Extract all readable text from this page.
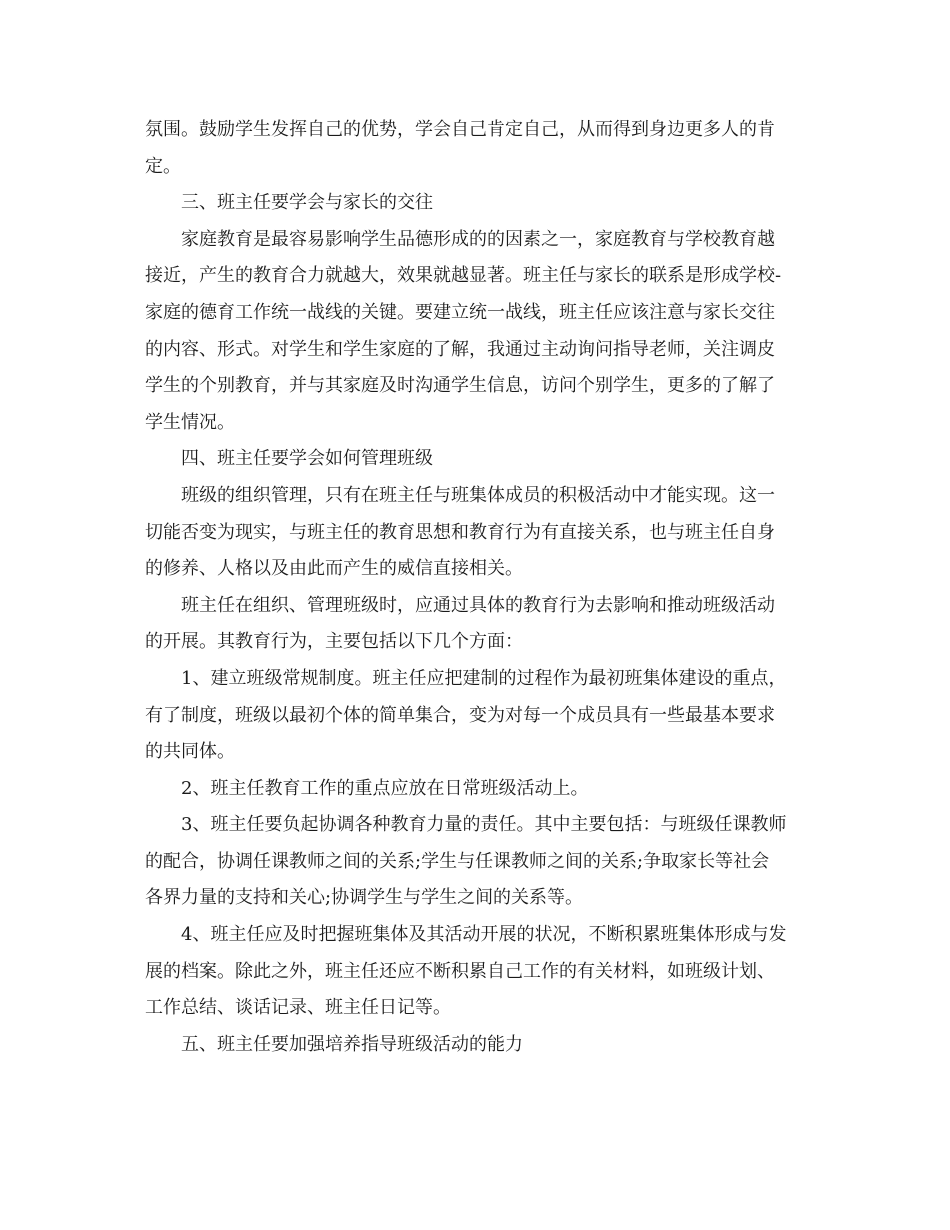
氛围。鼓励学生发挥自己的优势，学会自己肯定自己，从而得到身边更多人的肯
定。
三、班主任要学会与家长的交往
家庭教育是最容易影响学生品德形成的的因素之一，家庭教育与学校教育越
接近，产生的教育合力就越大，效果就越显著。班主任与家长的联系是形成学校-
家庭的德育工作统一战线的关键。要建立统一战线，班主任应该注意与家长交往
的内容、形式。对学生和学生家庭的了解，我通过主动询问指导老师，关注调皮
学生的个别教育，并与其家庭及时沟通学生信息，访问个别学生，更多的了解了
学生情况。
四、班主任要学会如何管理班级
班级的组织管理，只有在班主任与班集体成员的积极活动中才能实现。这一
切能否变为现实，与班主任的教育思想和教育行为有直接关系，也与班主任自身
的修养、人格以及由此而产生的威信直接相关。
班主任在组织、管理班级时，应通过具体的教育行为去影响和推动班级活动
的开展。其教育行为，主要包括以下几个方面：
1、建立班级常规制度。班主任应把建制的过程作为最初班集体建设的重点，
有了制度，班级以最初个体的简单集合，变为对每一个成员具有一些最基本要求
的共同体。
2、班主任教育工作的重点应放在日常班级活动上。
3、班主任要负起协调各种教育力量的责任。其中主要包括：与班级任课教师
的配合，协调任课教师之间的关系;学生与任课教师之间的关系;争取家长等社会
各界力量的支持和关心;协调学生与学生之间的关系等。
4、班主任应及时把握班集体及其活动开展的状况，不断积累班集体形成与发
展的档案。除此之外，班主任还应不断积累自己工作的有关材料，如班级计划、
工作总结、谈话记录、班主任日记等。
五、班主任要加强培养指导班级活动的能力
